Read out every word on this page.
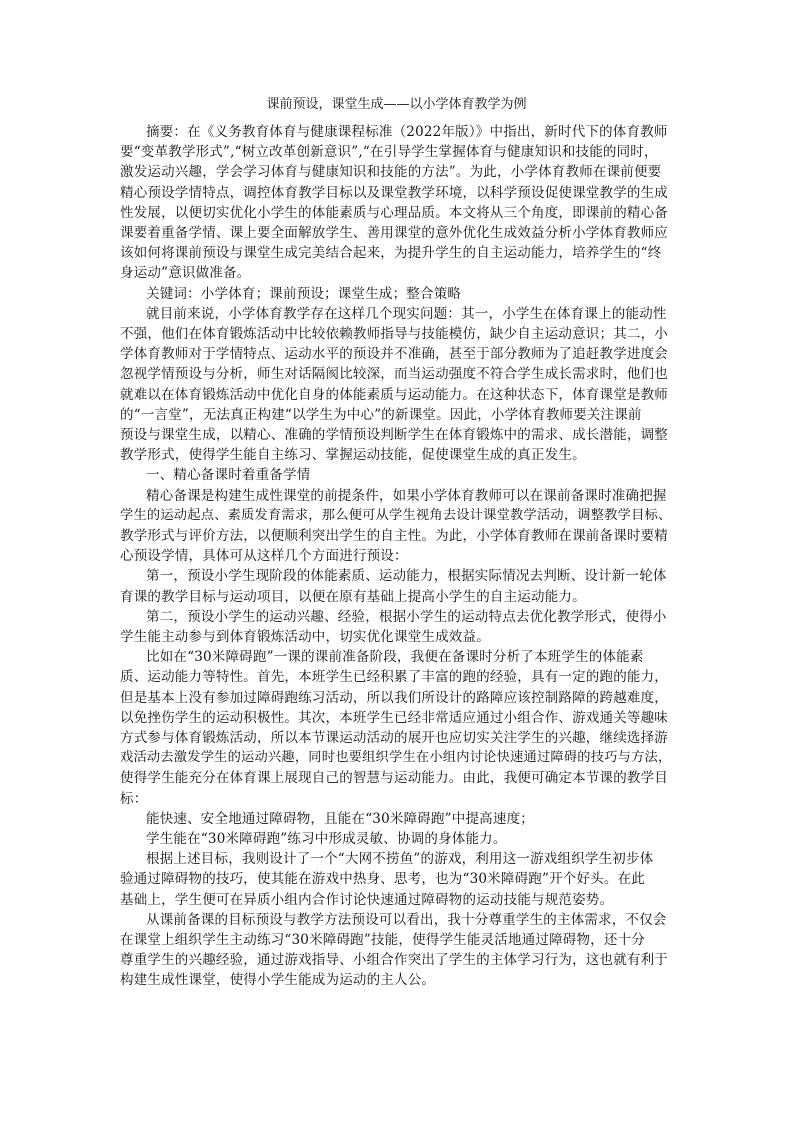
课前预设，课堂生成——以小学体育教学为例
摘要：在《义务教育体育与健康课程标准（2022年版）》中指出，新时代下的体育教师
要“变革教学形式”,“树立改革创新意识”,“在引导学生掌握体育与健康知识和技能的同时，
激发运动兴趣，学会学习体育与健康知识和技能的方法”。为此，小学体育教师在课前便要
精心预设学情特点，调控体育教学目标以及课堂教学环境，以科学预设促使课堂教学的生成
性发展，以便切实优化小学生的体能素质与心理品质。本文将从三个角度，即课前的精心备
课要着重备学情、课上要全面解放学生、善用课堂的意外优化生成效益分析小学体育教师应
该如何将课前预设与课堂生成完美结合起来，为提升学生的自主运动能力，培养学生的“终
身运动”意识做准备。
关键词：小学体育；课前预设；课堂生成；整合策略
就目前来说，小学体育教学存在这样几个现实问题：其一，小学生在体育课上的能动性
不强，他们在体育锻炼活动中比较依赖教师指导与技能模仿，缺少自主运动意识；其二，小
学体育教师对于学情特点、运动水平的预设并不准确，甚至于部分教师为了追赶教学进度会
忽视学情预设与分析，师生对话隔阂比较深，而当运动强度不符合学生成长需求时，他们也
就难以在体育锻炼活动中优化自身的体能素质与运动能力。在这种状态下，体育课堂是教师
的“一言堂”，无法真正构建“以学生为中心”的新课堂。因此，小学体育教师要关注课前
预设与课堂生成，以精心、准确的学情预设判断学生在体育锻炼中的需求、成长潜能，调整
教学形式，使得学生能自主练习、掌握运动技能，促使课堂生成的真正发生。
一、精心备课时着重备学情
精心备课是构建生成性课堂的前提条件，如果小学体育教师可以在课前备课时准确把握
学生的运动起点、素质发育需求，那么便可从学生视角去设计课堂教学活动，调整教学目标、
教学形式与评价方法，以便顺利突出学生的自主性。为此，小学体育教师在课前备课时要精
心预设学情，具体可从这样几个方面进行预设：
第一，预设小学生现阶段的体能素质、运动能力，根据实际情况去判断、设计新一轮体
育课的教学目标与运动项目，以便在原有基础上提高小学生的自主运动能力。
第二，预设小学生的运动兴趣、经验，根据小学生的运动特点去优化教学形式，使得小
学生能主动参与到体育锻炼活动中，切实优化课堂生成效益。
比如在“30米障碍跑”一课的课前准备阶段，我便在备课时分析了本班学生的体能素
质、运动能力等特性。首先，本班学生已经积累了丰富的跑的经验，具有一定的跑的能力，
但是基本上没有参加过障碍跑练习活动，所以我们所设计的路障应该控制路障的跨越难度，
以免挫伤学生的运动积极性。其次，本班学生已经非常适应通过小组合作、游戏通关等趣味
方式参与体育锻炼活动，所以本节课运动活动的展开也应切实关注学生的兴趣，继续选择游
戏活动去激发学生的运动兴趣，同时也要组织学生在小组内讨论快速通过障碍的技巧与方法，
使得学生能充分在体育课上展现自己的智慧与运动能力。由此，我便可确定本节课的教学目
标：
能快速、安全地通过障碍物，且能在“30米障碍跑”中提高速度；
学生能在“30米障碍跑”练习中形成灵敏、协调的身体能力。
根据上述目标，我则设计了一个“大网不捞鱼”的游戏，利用这一游戏组织学生初步体
验通过障碍物的技巧，使其能在游戏中热身、思考，也为“30米障碍跑”开个好头。在此
基础上，学生便可在异质小组内合作讨论快速通过障碍物的运动技能与规范姿势。
从课前备课的目标预设与教学方法预设可以看出，我十分尊重学生的主体需求，不仅会
在课堂上组织学生主动练习“30米障碍跑”技能，使得学生能灵活地通过障碍物，还十分
尊重学生的兴趣经验，通过游戏指导、小组合作突出了学生的主体学习行为，这也就有利于
构建生成性课堂，使得小学生能成为运动的主人公。
